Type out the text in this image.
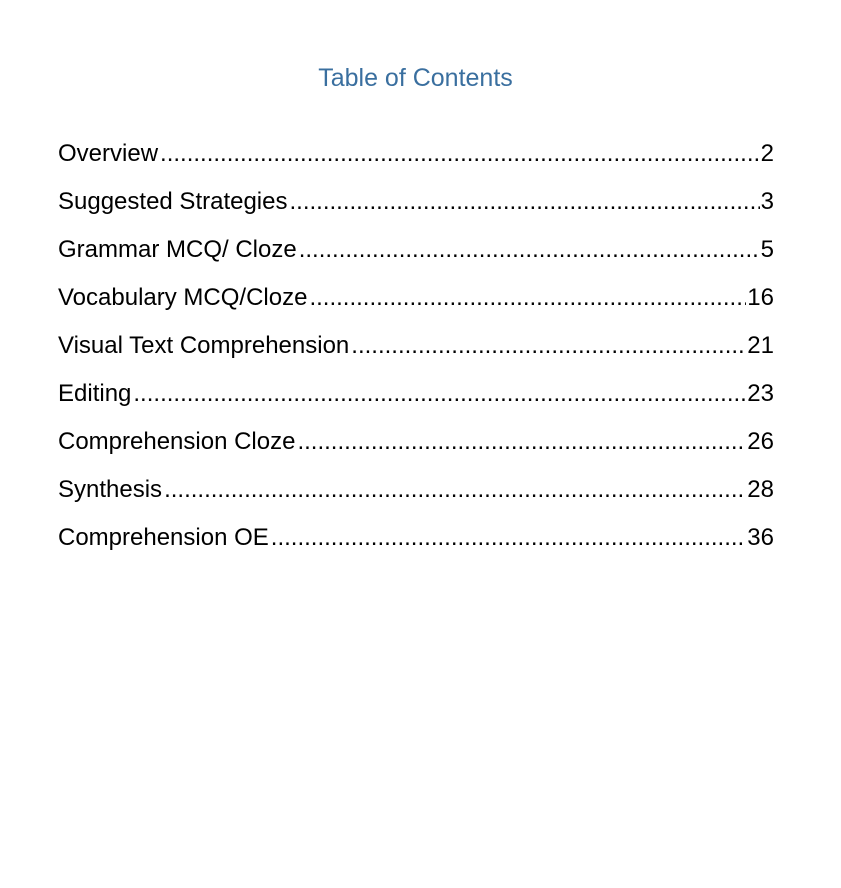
Table of Contents
Overview .....	2
Suggested Strategies .....	3
Grammar MCQ/ Cloze .....	5
Vocabulary MCQ/Cloze .....	16
Visual Text Comprehension .....	21
Editing .....	23
Comprehension Cloze .....	26
Synthesis .....	28
Comprehension OE .....	36
